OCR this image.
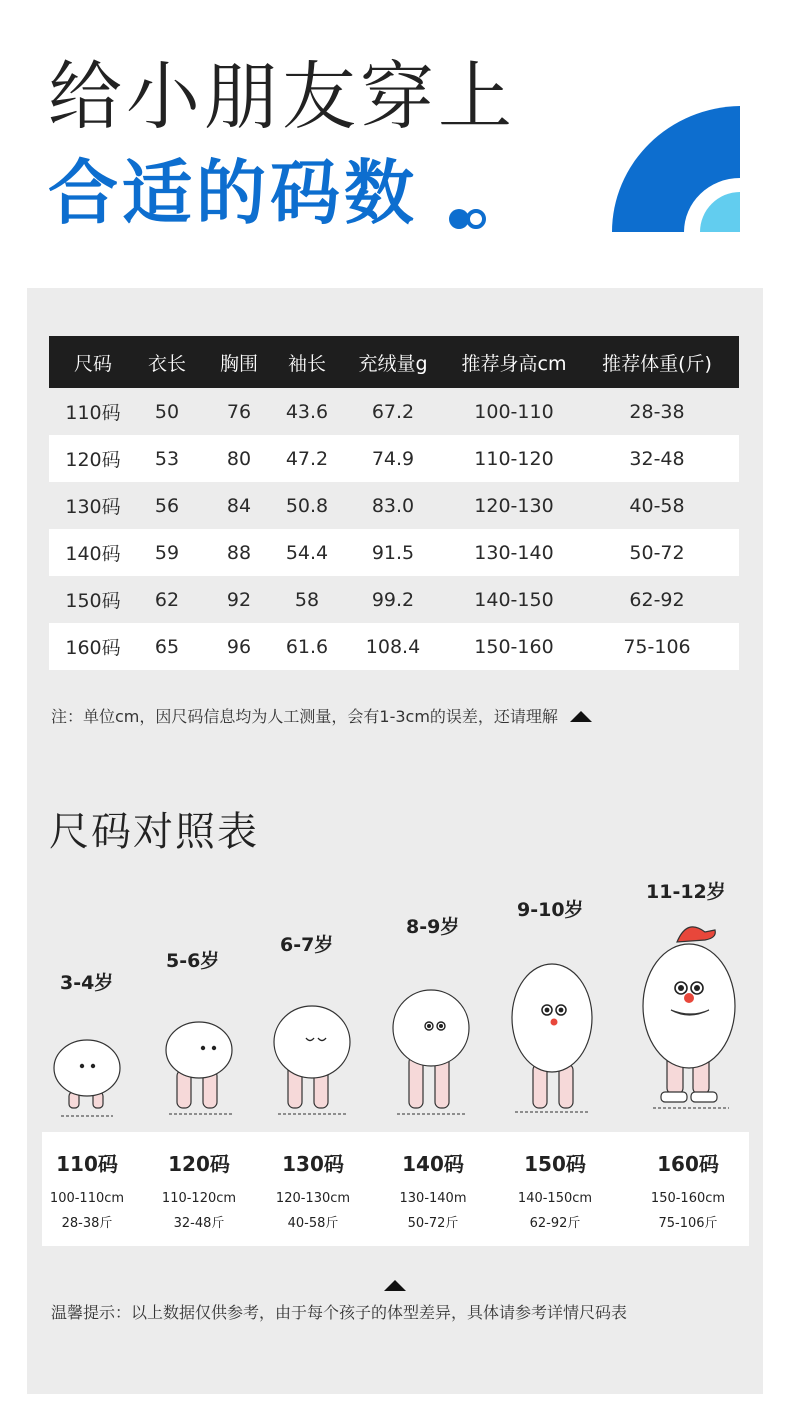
给小朋友穿上
合适的码数
尺码	衣长	胸围	袖长	充绒量g	推荐身高cm	推荐体重(斤)
110码	50	76	43.6	67.2	100-110	28-38
120码	53	80	47.2	74.9	110-120	32-48
130码	56	84	50.8	83.0	120-130	40-58
140码	59	88	54.4	91.5	130-140	50-72
150码	62	92	58	99.2	140-150	62-92
160码	65	96	61.6	108.4	150-160	75-106
注：单位cm，因尺码信息均为人工测量，会有1-3cm的误差，还请理解
尺码对照表
3-4岁
5-6岁
6-7岁
8-9岁
9-10岁
11-12岁
110码
100-110cm
28-38斤
120码
110-120cm
32-48斤
130码
120-130cm
40-58斤
140码
130-140m
50-72斤
150码
140-150cm
62-92斤
160码
150-160cm
75-106斤
温馨提示：以上数据仅供参考，由于每个孩子的体型差异，具体请参考详情尺码表
